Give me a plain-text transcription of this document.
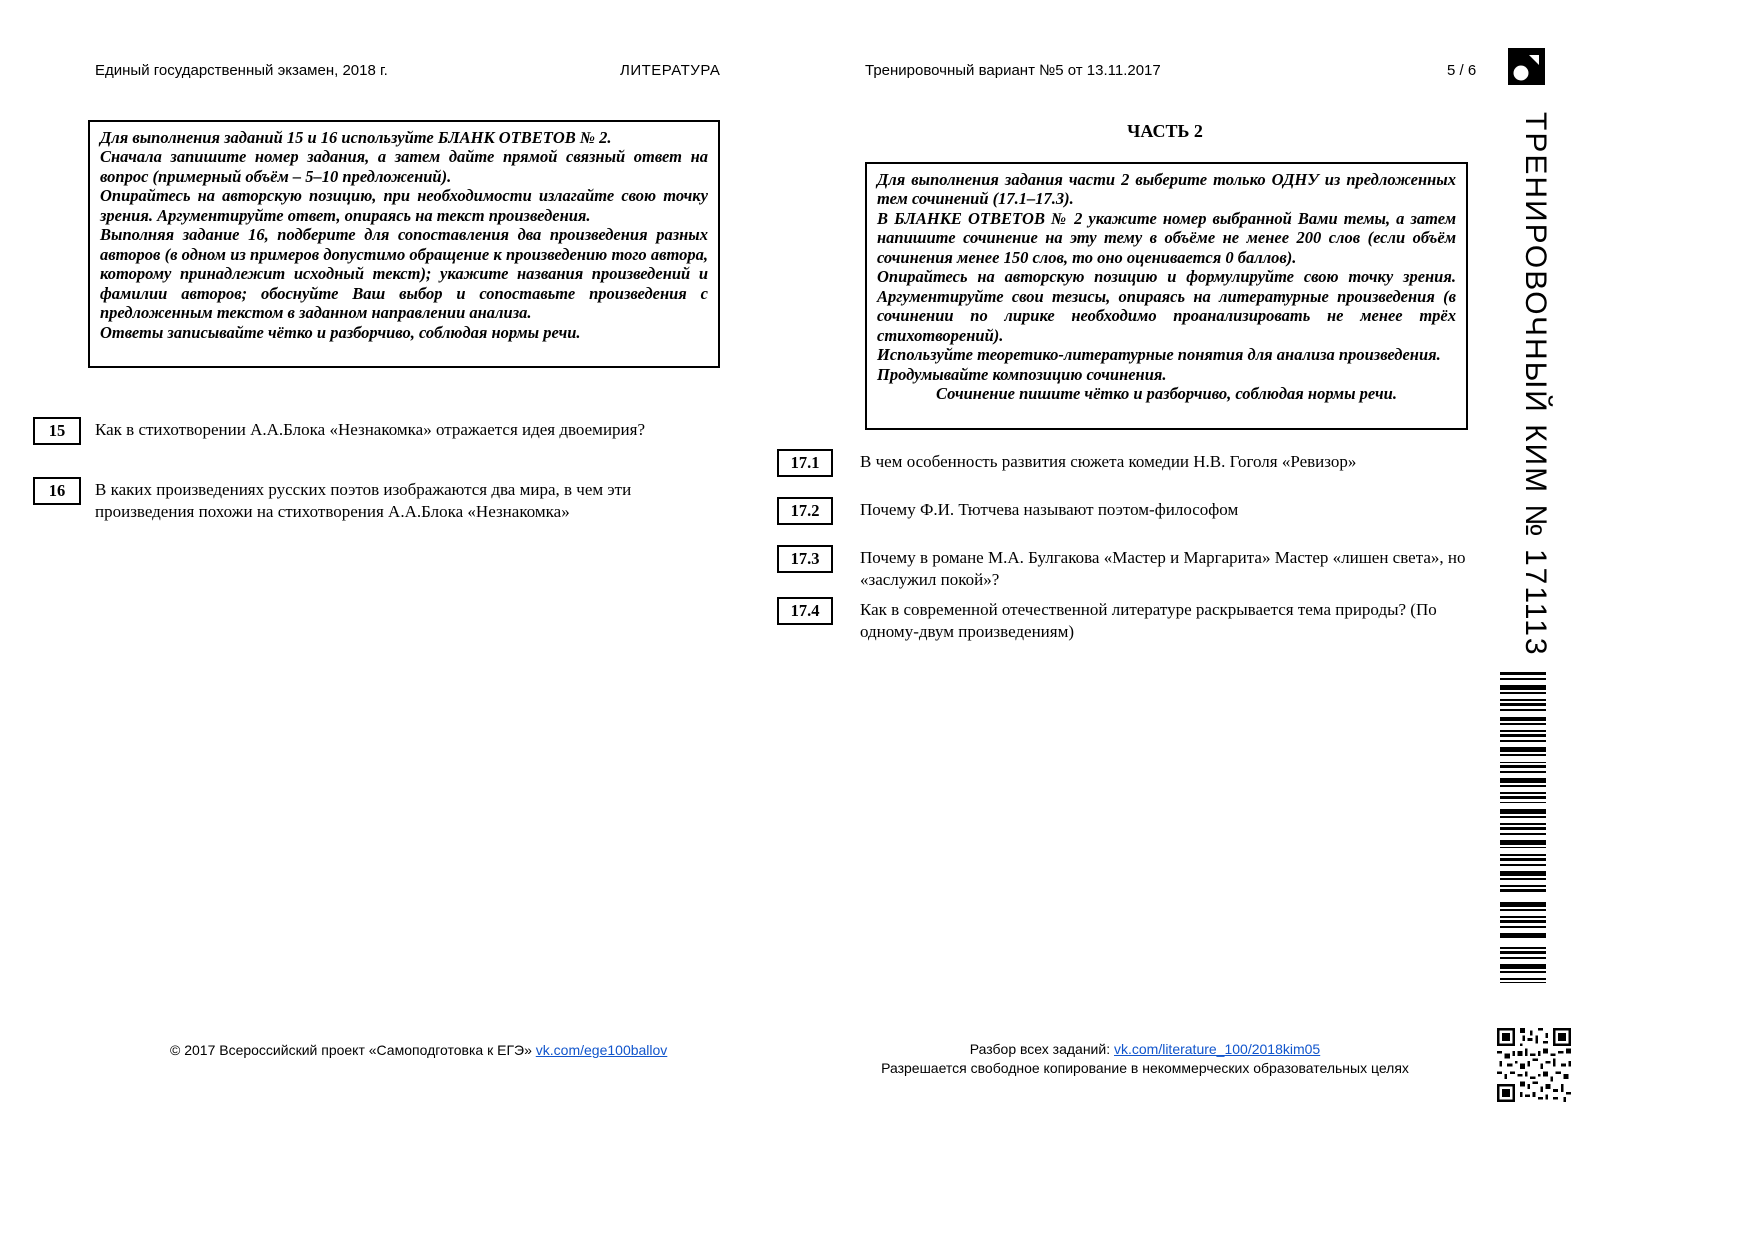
Единый государственный экзамен, 2018 г.	ЛИТЕРАТУРА	Тренировочный вариант №5 от 13.11.2017	5 / 6
ТРЕНИРОВОЧНЫЙ КИМ № 171113

Для выполнения заданий 15 и 16 используйте БЛАНК ОТВЕТОВ № 2.

Сначала запишите номер задания, а затем дайте прямой связный ответ на вопрос (примерный объём – 5–10 предложений).

Опирайтесь на авторскую позицию, при необходимости излагайте свою точку зрения. Аргументируйте ответ, опираясь на текст произведения.

Выполняя задание 16, подберите для сопоставления два произведения разных авторов (в одном из примеров допустимо обращение к произведению того автора, которому принадлежит исходный текст); укажите названия произведений и фамилии авторов; обоснуйте Ваш выбор и сопоставьте произведения с предложенным текстом в заданном направлении анализа.

Ответы записывайте чётко и разборчиво, соблюдая нормы речи.

15	Как в стихотворении А.А.Блока «Незнакомка» отражается идея двоемирия?
16	В каких произведениях русских поэтов изображаются два мира, в чем эти произведения похожи на стихотворения А.А.Блока «Незнакомка»
ЧАСТЬ 2

Для выполнения задания части 2 выберите только ОДНУ из предложенных тем сочинений (17.1–17.3).

В БЛАНКЕ ОТВЕТОВ № 2 укажите номер выбранной Вами темы, а затем напишите сочинение на эту тему в объёме не менее 200 слов (если объём сочинения менее 150 слов, то оно оценивается 0 баллов).

Опирайтесь на авторскую позицию и формулируйте свою точку зрения. Аргументируйте свои тезисы, опираясь на литературные произведения (в сочинении по лирике необходимо проанализировать не менее трёх стихотворений).

Используйте теоретико-литературные понятия для анализа произведения.

Продумывайте композицию сочинения.

Сочинение пишите чётко и разборчиво, соблюдая нормы речи.

17.1	В чем особенность развития сюжета комедии Н.В. Гоголя «Ревизор»
17.2	Почему Ф.И. Тютчева называют поэтом-философом
17.3	Почему в романе М.А. Булгакова «Мастер и Маргарита» Мастер «лишен света», но «заслужил покой»?
17.4	Как в современной отечественной литературе раскрывается тема природы? (По одному-двум произведениям)
© 2017 Всероссийский проект «Самоподготовка к ЕГЭ» vk.com/ege100ballov	Разбор всех заданий: vk.com/literature_100/2018kim05
Разрешается свободное копирование в некоммерческих образовательных целях
